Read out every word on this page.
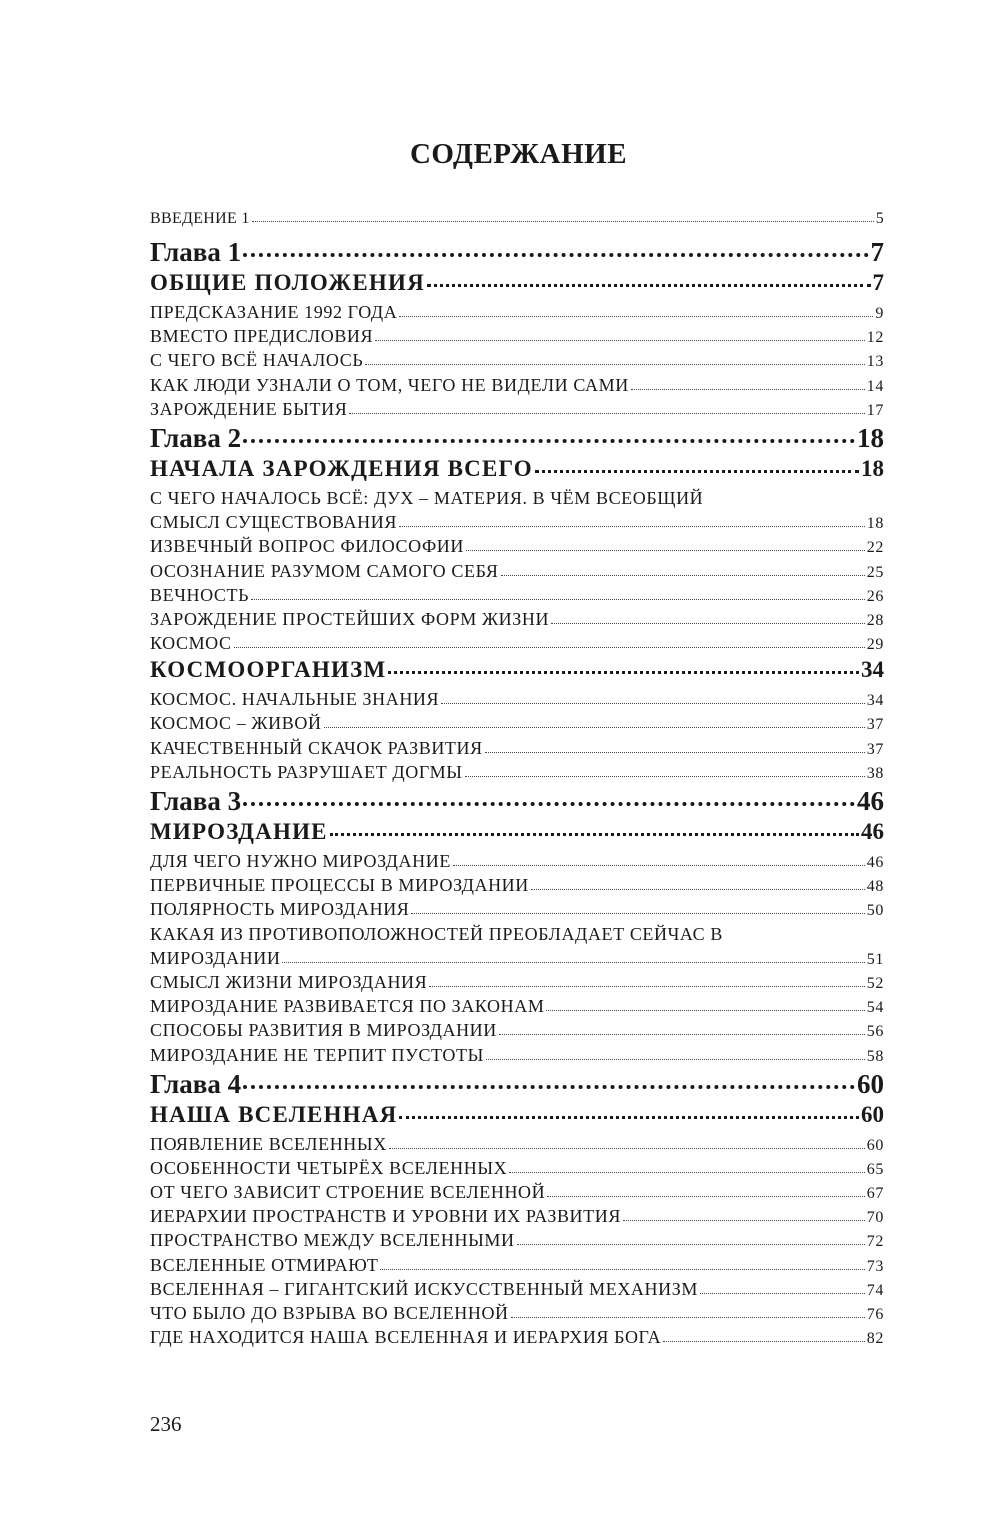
СОДЕРЖАНИЕ
ВВЕДЕНИЕ 1	5
Глава 1	7
ОБЩИЕ ПОЛОЖЕНИЯ	7
ПРЕДСКАЗАНИЕ 1992 ГОДА	9
ВМЕСТО ПРЕДИСЛОВИЯ	12
С ЧЕГО ВСЁ НАЧАЛОСЬ	13
КАК ЛЮДИ УЗНАЛИ О ТОМ, ЧЕГО НЕ ВИДЕЛИ САМИ	14
ЗАРОЖДЕНИЕ БЫТИЯ	17
Глава 2	18
НАЧАЛА ЗАРОЖДЕНИЯ ВСЕГО	18
С ЧЕГО НАЧАЛОСЬ ВСЁ: ДУХ – МАТЕРИЯ. В ЧЁМ ВСЕОБЩИЙ
СМЫСЛ СУЩЕСТВОВАНИЯ	18
ИЗВЕЧНЫЙ ВОПРОС ФИЛОСОФИИ	22
ОСОЗНАНИЕ РАЗУМОМ САМОГО СЕБЯ	25
ВЕЧНОСТЬ	26
ЗАРОЖДЕНИЕ ПРОСТЕЙШИХ ФОРМ ЖИЗНИ	28
КОСМОС	29
КОСМООРГАНИЗМ	34
КОСМОС. НАЧАЛЬНЫЕ ЗНАНИЯ	34
КОСМОС – ЖИВОЙ	37
КАЧЕСТВЕННЫЙ СКАЧОК РАЗВИТИЯ	37
РЕАЛЬНОСТЬ РАЗРУШАЕТ ДОГМЫ	38
Глава 3	46
МИРОЗДАНИЕ	46
ДЛЯ ЧЕГО НУЖНО МИРОЗДАНИЕ	46
ПЕРВИЧНЫЕ ПРОЦЕССЫ В МИРОЗДАНИИ	48
ПОЛЯРНОСТЬ МИРОЗДАНИЯ	50
КАКАЯ ИЗ ПРОТИВОПОЛОЖНОСТЕЙ ПРЕОБЛАДАЕТ СЕЙЧАС В
МИРОЗДАНИИ	51
СМЫСЛ ЖИЗНИ МИРОЗДАНИЯ	52
МИРОЗДАНИЕ РАЗВИВАЕТСЯ ПО ЗАКОНАМ	54
СПОСОБЫ РАЗВИТИЯ В МИРОЗДАНИИ	56
МИРОЗДАНИЕ НЕ ТЕРПИТ ПУСТОТЫ	58
Глава 4	60
НАША ВСЕЛЕННАЯ	60
ПОЯВЛЕНИЕ ВСЕЛЕННЫХ	60
ОСОБЕННОСТИ ЧЕТЫРЁХ ВСЕЛЕННЫХ	65
ОТ ЧЕГО ЗАВИСИТ СТРОЕНИЕ ВСЕЛЕННОЙ	67
ИЕРАРХИИ ПРОСТРАНСТВ И УРОВНИ ИХ РАЗВИТИЯ	70
ПРОСТРАНСТВО МЕЖДУ ВСЕЛЕННЫМИ	72
ВСЕЛЕННЫЕ ОТМИРАЮТ	73
ВСЕЛЕННАЯ – ГИГАНТСКИЙ ИСКУССТВЕННЫЙ МЕХАНИЗМ	74
ЧТО БЫЛО ДО ВЗРЫВА ВО ВСЕЛЕННОЙ	76
ГДЕ НАХОДИТСЯ НАША ВСЕЛЕННАЯ И ИЕРАРХИЯ БОГА	82
236
